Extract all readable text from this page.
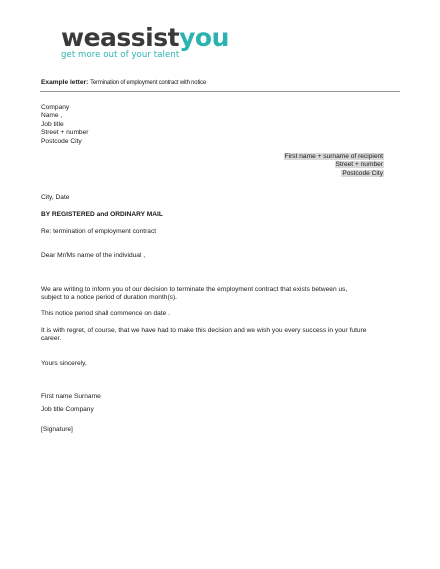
weassistyou
get more out of your talent
Example letter: Termination of employment contract with notice
Company
Name ,
Job title
Street + number
Postcode City
First name + surname of recipient
Street + number
Postcode City
City, Date
BY REGISTERED and ORDINARY MAIL
Re: termination of employment contract
Dear Mr/Ms name of the individual ,
We are writing to inform you of our decision to terminate the employment contract that exists between us,
subject to a notice period of duration month(s).
This notice period shall commence on date .
It is with regret, of course, that we have had to make this decision and we wish you every success in your future
career.
Yours sincerely,
First name Surname
Job title Company
[Signature]
